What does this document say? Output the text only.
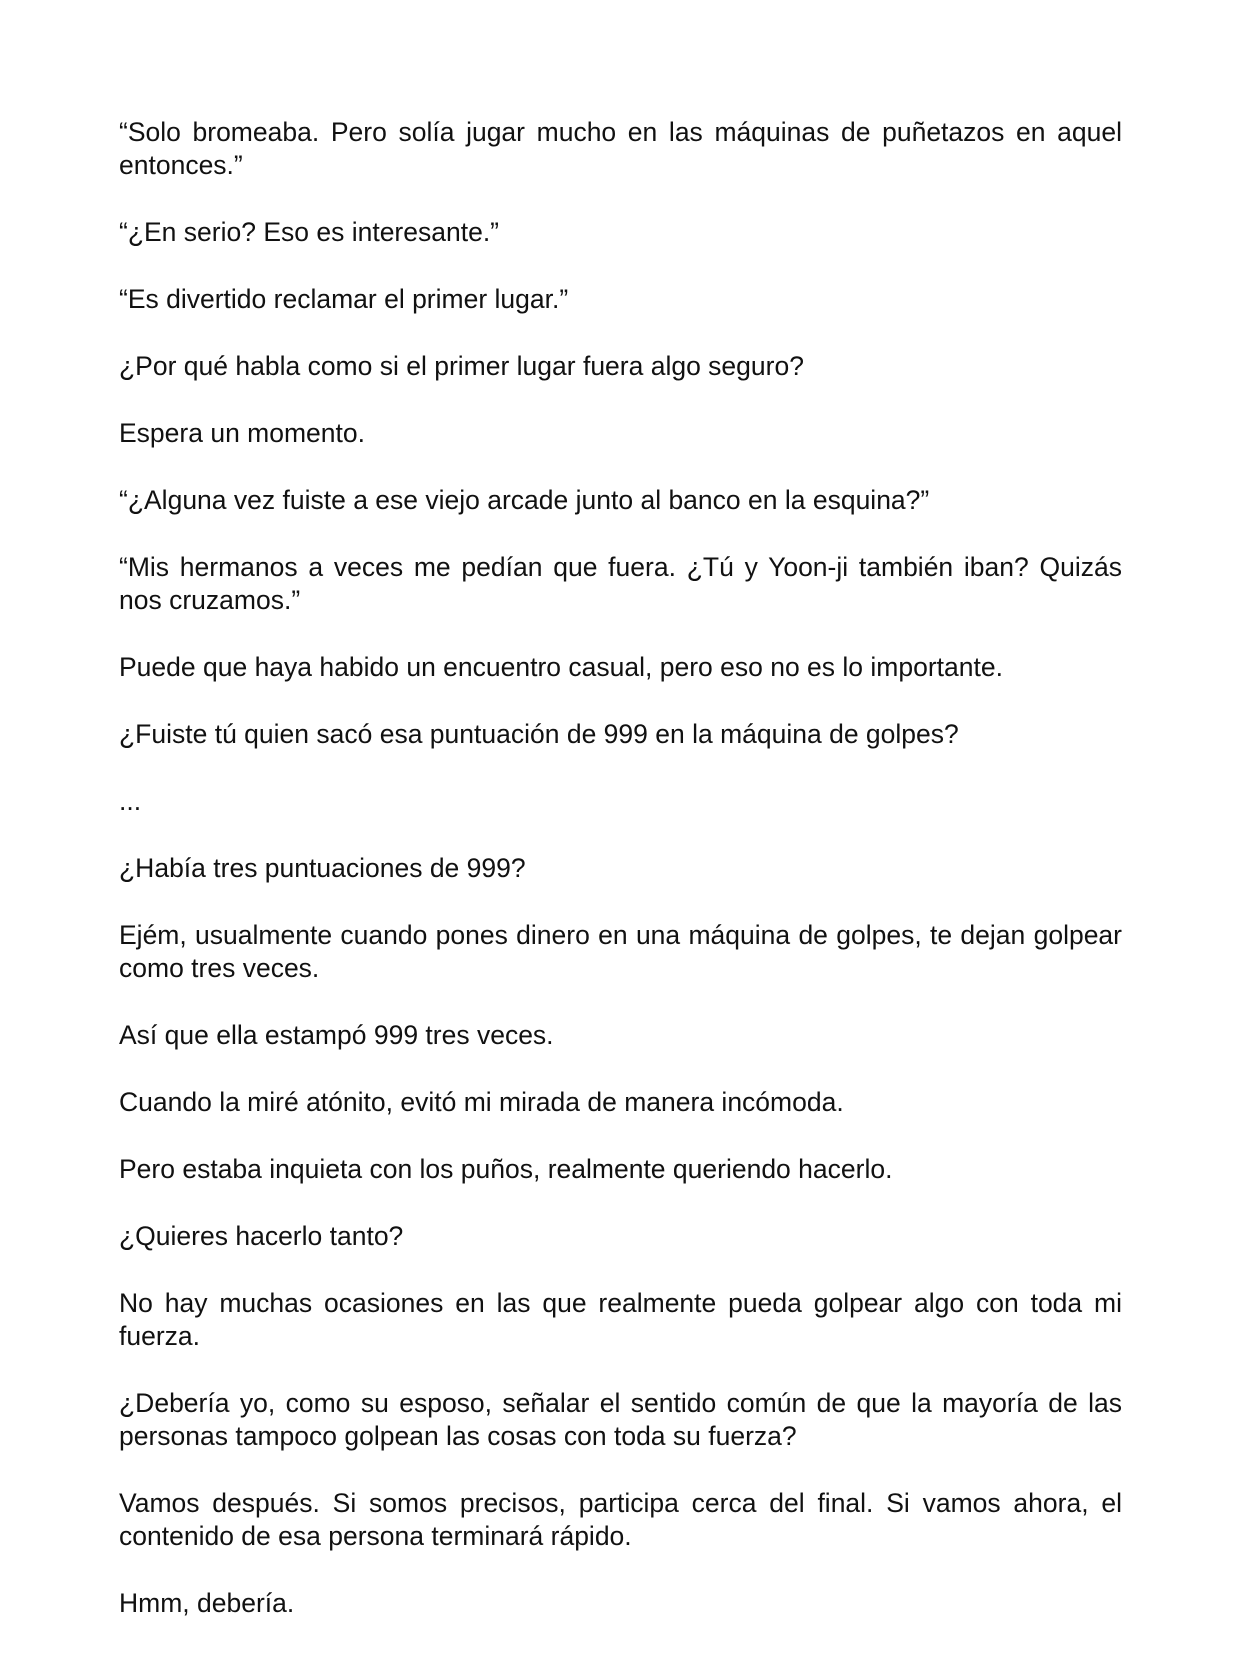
“Solo bromeaba. Pero solía jugar mucho en las máquinas de puñetazos en aquel entonces.”

“¿En serio? Eso es interesante.”

“Es divertido reclamar el primer lugar.”

¿Por qué habla como si el primer lugar fuera algo seguro?

Espera un momento.

“¿Alguna vez fuiste a ese viejo arcade junto al banco en la esquina?”

“Mis hermanos a veces me pedían que fuera. ¿Tú y Yoon-ji también iban? Quizás nos cruzamos.”

Puede que haya habido un encuentro casual, pero eso no es lo importante.

¿Fuiste tú quien sacó esa puntuación de 999 en la máquina de golpes?

...

¿Había tres puntuaciones de 999?

Ejém, usualmente cuando pones dinero en una máquina de golpes, te dejan golpear como tres veces.

Así que ella estampó 999 tres veces.

Cuando la miré atónito, evitó mi mirada de manera incómoda.

Pero estaba inquieta con los puños, realmente queriendo hacerlo.

¿Quieres hacerlo tanto?

No hay muchas ocasiones en las que realmente pueda golpear algo con toda mi fuerza.

¿Debería yo, como su esposo, señalar el sentido común de que la mayoría de las personas tampoco golpean las cosas con toda su fuerza?

Vamos después. Si somos precisos, participa cerca del final. Si vamos ahora, el contenido de esa persona terminará rápido.

Hmm, debería.
